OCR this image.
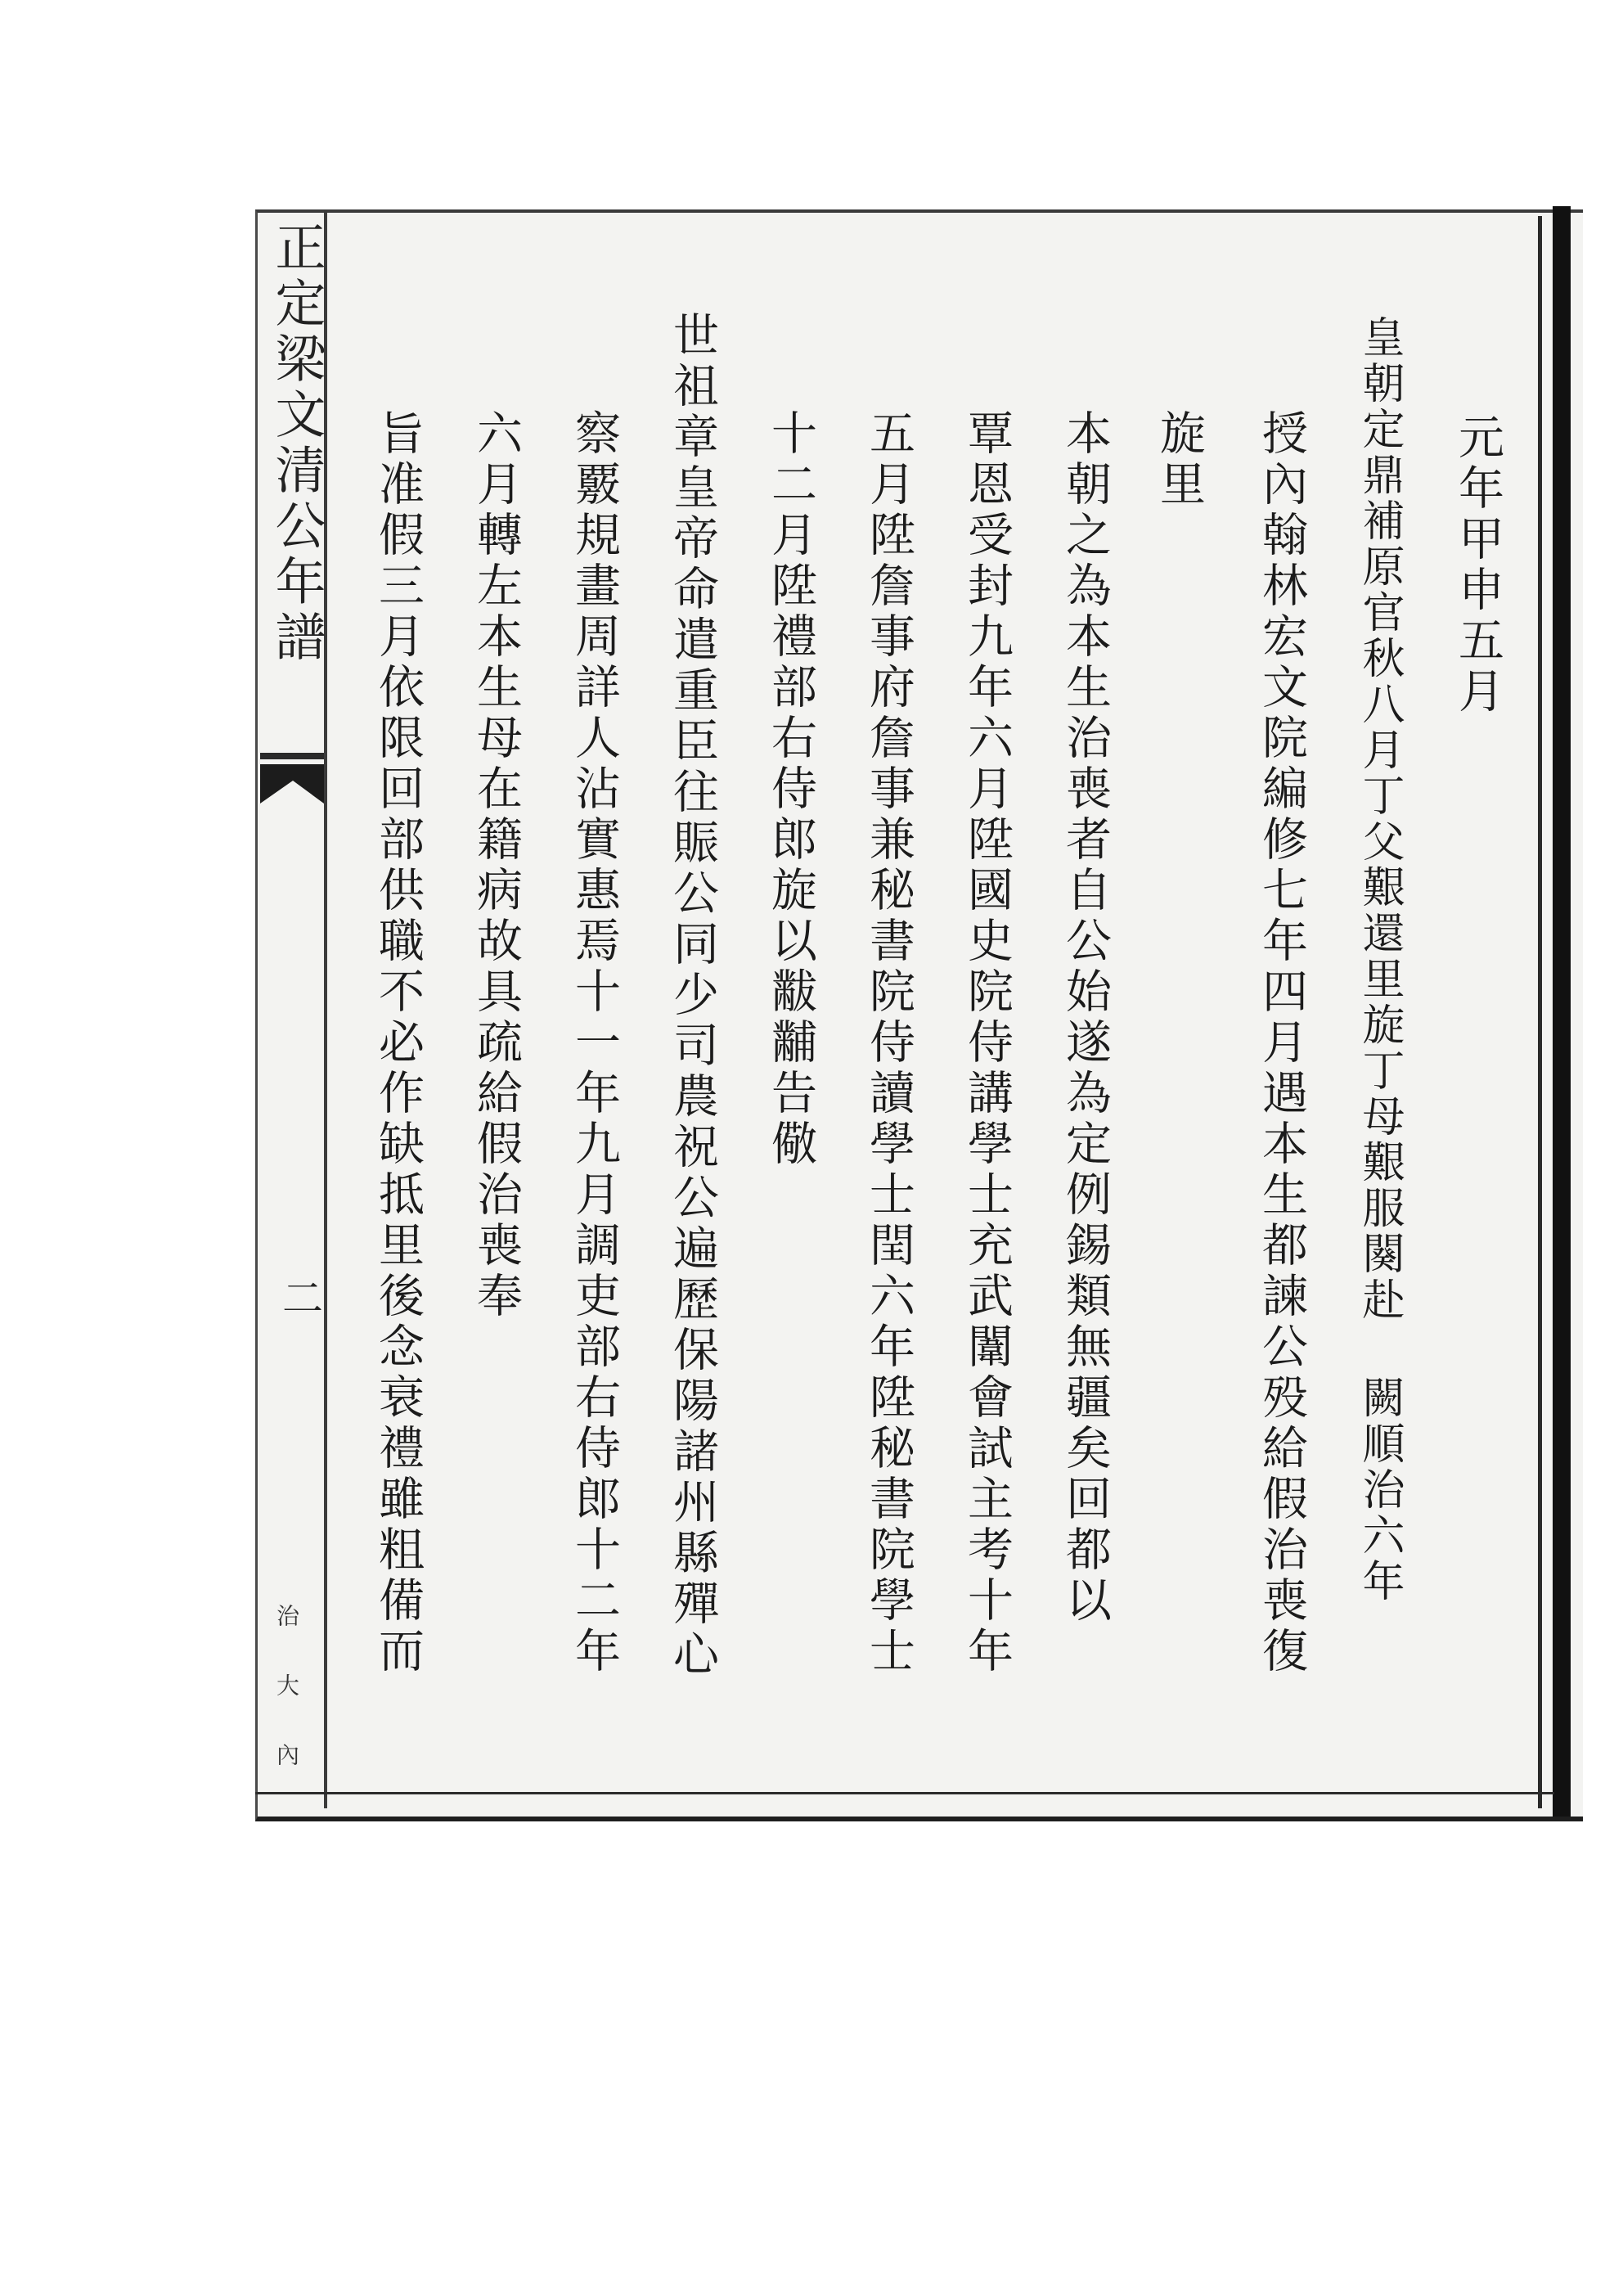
正定梁文清公年譜
二
治 大 內
元年甲申五月
皇朝定鼎補原官秋八月丁父艱還里旋丁母艱服闋赴 闕順治六年
授內翰林宏文院編修七年四月遇本生都諫公殁給假治喪復
旋里
本朝之為本生治喪者自公始遂為定例錫類無疆矣回都以
覃恩受封九年六月陞國史院侍講學士充武闈會試主考十年
五月陞詹事府詹事兼秘書院侍讀學士閏六年陞秘書院學士
十二月陞禮部右侍郎旋以黻黼告儆
世祖章皇帝命遣重臣往賑公同少司農祝公遍歷保陽諸州縣殫心
察覈規畫周詳人沾實惠焉十一年九月調吏部右侍郎十二年
六月轉左本生母在籍病故具疏給假治喪奉
旨准假三月依限回部供職不必作缺抵里後念衰禮雖粗備而
